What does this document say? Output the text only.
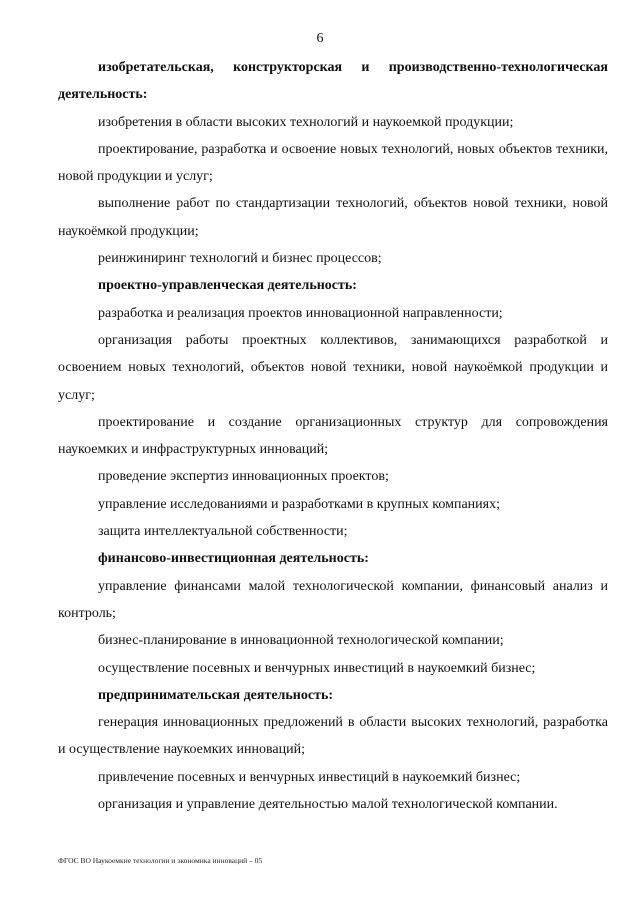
6

изобретательская, конструкторская и производственно-технологическая деятельность:

изобретения в области высоких технологий и наукоемкой продукции;

проектирование, разработка и освоение новых технологий, новых объектов техники, новой продукции и услуг;

выполнение работ по стандартизации технологий, объектов новой техники, новой наукоёмкой продукции;

реинжиниринг технологий и бизнес процессов;

проектно-управленческая деятельность:

разработка и реализация проектов инновационной направленности;

организация работы проектных коллективов, занимающихся разработкой и освоением новых технологий, объектов новой техники, новой наукоёмкой продукции и услуг;

проектирование и создание организационных структур для сопровождения наукоемких и инфраструктурных инноваций;

проведение экспертиз инновационных проектов;

управление исследованиями и разработками в крупных компаниях;

защита интеллектуальной собственности;

финансово-инвестиционная деятельность:

управление финансами малой технологической компании, финансовый анализ и контроль;

бизнес-планирование в инновационной технологической компании;

осуществление посевных и венчурных инвестиций в наукоемкий бизнес;

предпринимательская деятельность:

генерация инновационных предложений в области высоких технологий, разработка и осуществление наукоемких инноваций;

привлечение посевных и венчурных инвестиций в наукоемкий бизнес;

организация и управление деятельностью малой технологической компании.

ФГОС ВО Наукоемкие технологии и экономика инноваций – 05
